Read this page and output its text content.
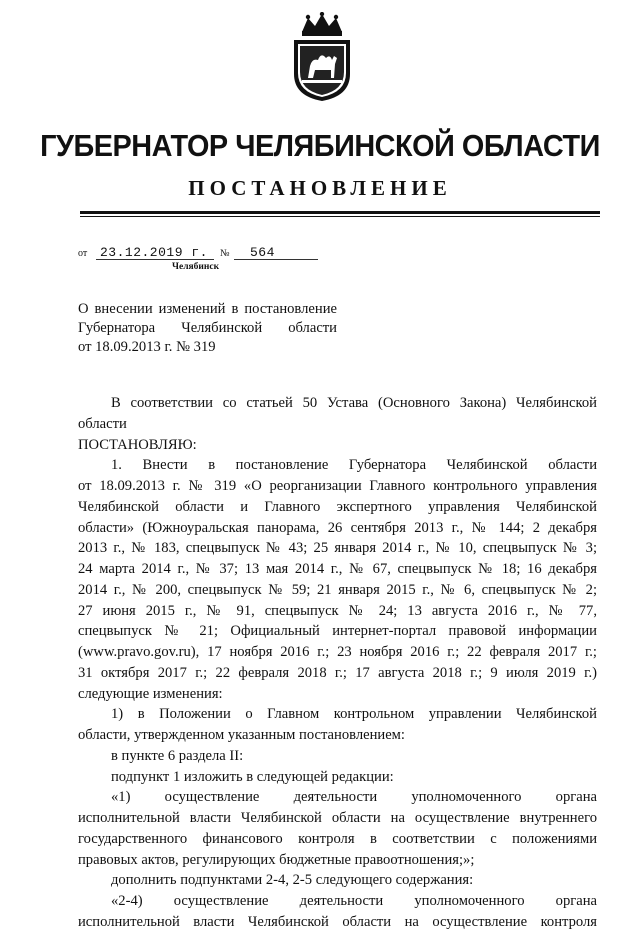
ГУБЕРНАТОР ЧЕЛЯБИНСКОЙ ОБЛАСТИ
ПОСТАНОВЛЕНИЕ
от 23.12.2019 г. № 564
Челябинск
О внесении изменений в постановление
Губернатора Челябинской области
от 18.09.2013 г. № 319
В соответствии со статьей 50 Устава (Основного Закона) Челябинской
области
ПОСТАНОВЛЯЮ:
1. Внести в постановление Губернатора Челябинской области
от 18.09.2013 г. № 319 «О реорганизации Главного контрольного управления
Челябинской области и Главного экспертного управления Челябинской
области» (Южноуральская панорама, 26 сентября 2013 г., № 144; 2 декабря
2013 г., № 183, спецвыпуск № 43; 25 января 2014 г., № 10, спецвыпуск № 3;
24 марта 2014 г., № 37; 13 мая 2014 г., № 67, спецвыпуск № 18; 16 декабря
2014 г., № 200, спецвыпуск № 59; 21 января 2015 г., № 6, спецвыпуск № 2;
27 июня 2015 г., № 91, спецвыпуск № 24; 13 августа 2016 г., № 77,
спецвыпуск № 21; Официальный интернет-портал правовой информации
(www.pravo.gov.ru), 17 ноября 2016 г.; 23 ноября 2016 г.; 22 февраля 2017 г.;
31 октября 2017 г.; 22 февраля 2018 г.; 17 августа 2018 г.; 9 июля 2019 г.)
следующие изменения:
1) в Положении о Главном контрольном управлении Челябинской
области, утвержденном указанным постановлением:
в пункте 6 раздела II:
подпункт 1 изложить в следующей редакции:
«1) осуществление деятельности уполномоченного органа
исполнительной власти Челябинской области на осуществление внутреннего
государственного финансового контроля в соответствии с положениями
правовых актов, регулирующих бюджетные правоотношения;»;
дополнить подпунктами 2-4, 2-5 следующего содержания:
«2-4) осуществление деятельности уполномоченного органа
исполнительной власти Челябинской области на осуществление контроля
